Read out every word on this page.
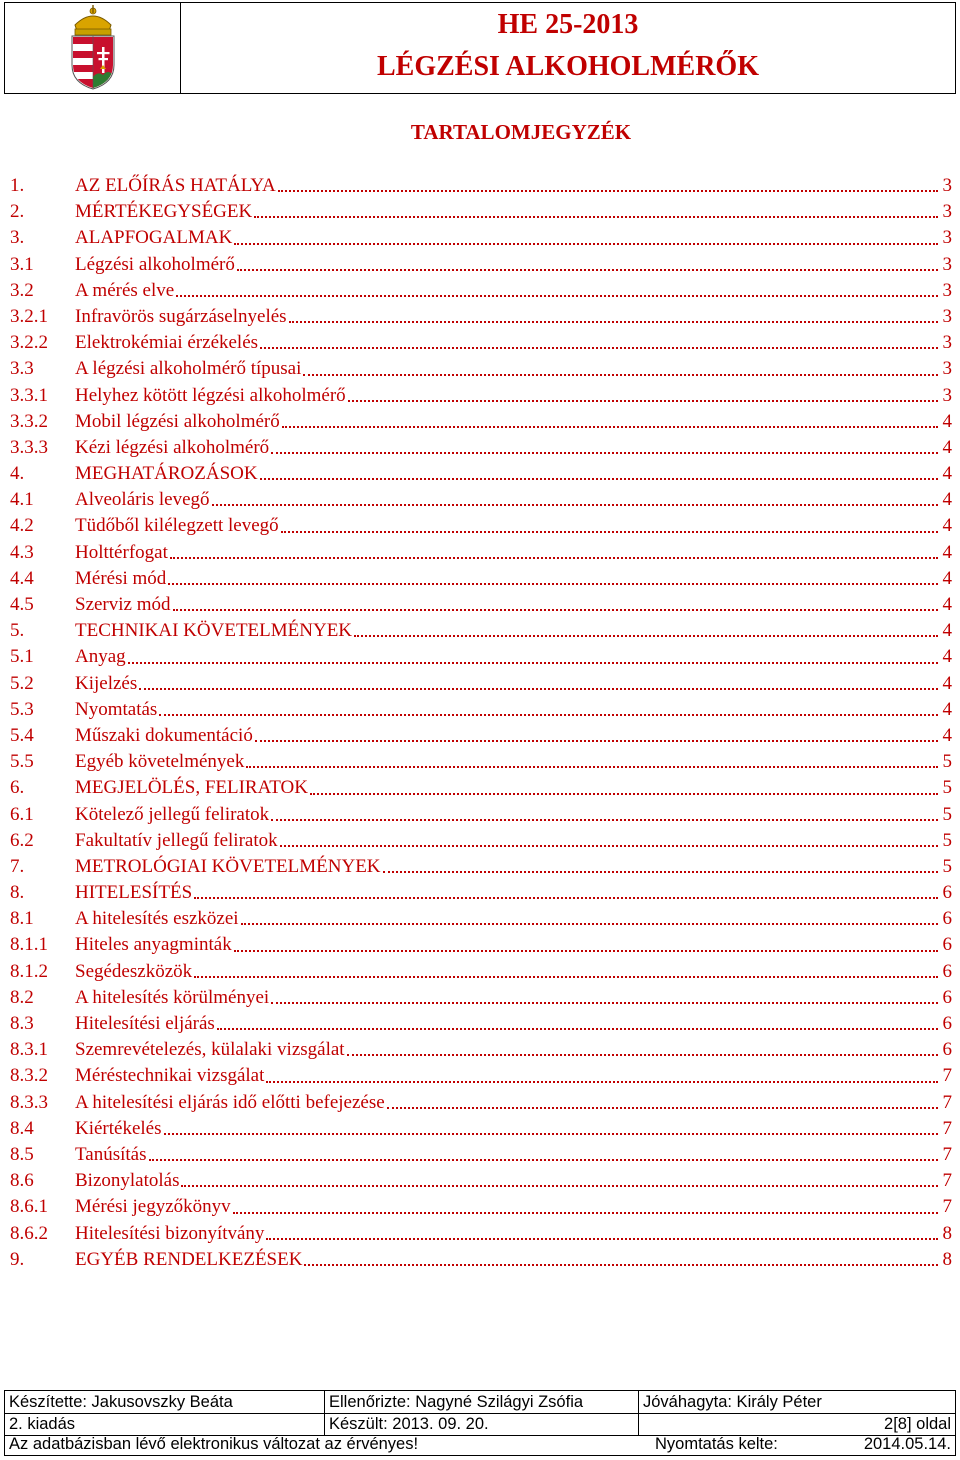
HE 25-2013
LÉGZÉSI ALKOHOLMÉRŐK
TARTALOMJEGYZÉK
1.	AZ ELŐÍRÁS HATÁLYA	3
2.	MÉRTÉKEGYSÉGEK	3
3.	ALAPFOGALMAK	3
3.1	Légzési alkoholmérő	3
3.2	A mérés elve	3
3.2.1	Infravörös sugárzáselnyelés	3
3.2.2	Elektrokémiai érzékelés	3
3.3	A légzési alkoholmérő típusai	3
3.3.1	Helyhez kötött légzési alkoholmérő	3
3.3.2	Mobil légzési alkoholmérő	4
3.3.3	Kézi légzési alkoholmérő	4
4.	MEGHATÁROZÁSOK	4
4.1	Alveoláris levegő	4
4.2	Tüdőből kilélegzett levegő	4
4.3	Holttérfogat	4
4.4	Mérési mód	4
4.5	Szerviz mód	4
5.	TECHNIKAI KÖVETELMÉNYEK	4
5.1	Anyag	4
5.2	Kijelzés	4
5.3	Nyomtatás	4
5.4	Műszaki dokumentáció	4
5.5	Egyéb követelmények	5
6.	MEGJELÖLÉS, FELIRATOK	5
6.1	Kötelező jellegű feliratok	5
6.2	Fakultatív jellegű feliratok	5
7.	METROLÓGIAI KÖVETELMÉNYEK	5
8.	HITELESÍTÉS	6
8.1	A hitelesítés eszközei	6
8.1.1	Hiteles anyagminták	6
8.1.2	Segédeszközök	6
8.2	A hitelesítés körülményei	6
8.3	Hitelesítési eljárás	6
8.3.1	Szemrevételezés, külalaki vizsgálat	6
8.3.2	Méréstechnikai vizsgálat	7
8.3.3	A hitelesítési eljárás idő előtti befejezése	7
8.4	Kiértékelés	7
8.5	Tanúsítás	7
8.6	Bizonylatolás	7
8.6.1	Mérési jegyzőkönyv	7
8.6.2	Hitelesítési bizonyítvány	8
9.	EGYÉB RENDELKEZÉSEK	8
Készítette: Jakusovszky Beáta	Ellenőrizte: Nagyné Szilágyi Zsófia	Jóváhagyta: Király Péter
2. kiadás	Készült: 2013. 09. 20.	2[8] oldal
Az adatbázisban lévő elektronikus változat az érvényes!	Nyomtatás kelte:	2014.05.14.
